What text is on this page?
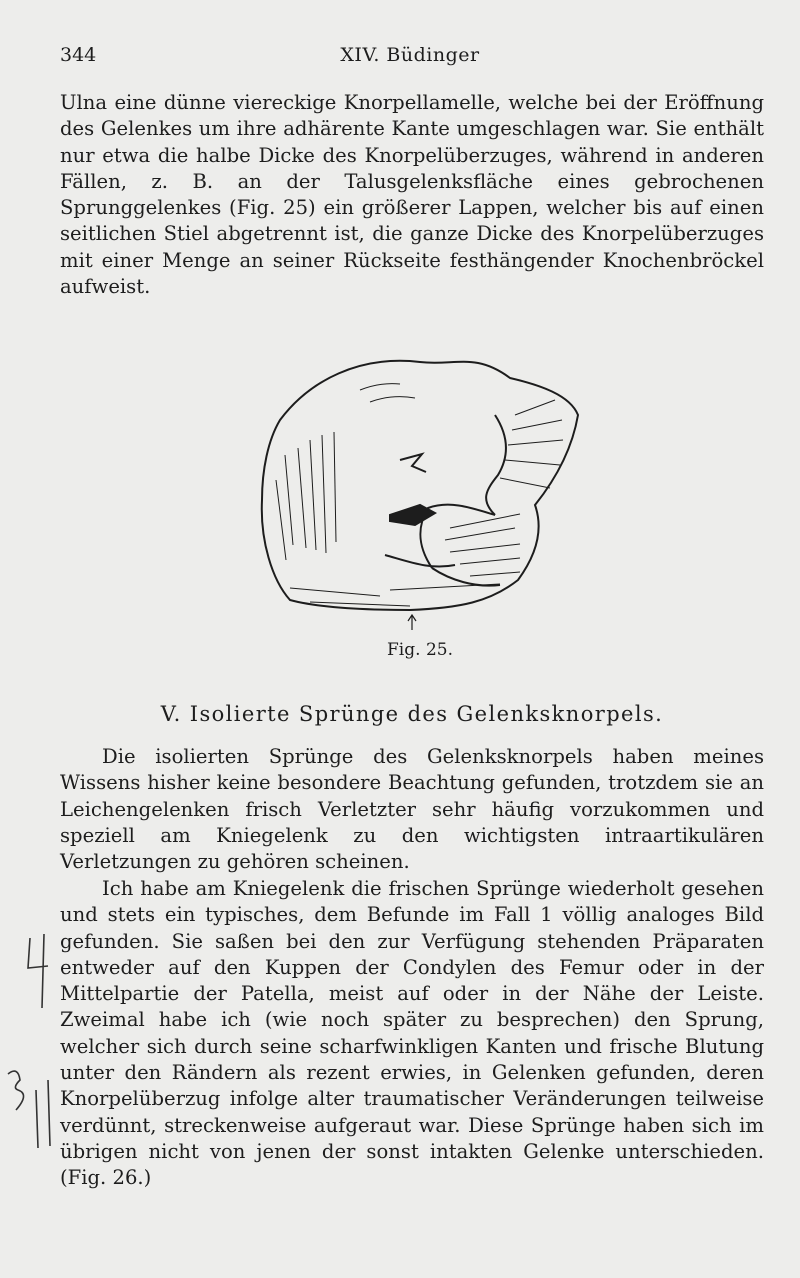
344	XIV. Büdinger
Ulna eine dünne viereckige Knorpellamelle, welche bei der Eröffnung des Gelenkes um ihre adhärente Kante umgeschlagen war. Sie enthält nur etwa die halbe Dicke des Knorpelüberzuges, während in anderen Fällen, z. B. an der Talusgelenksfläche eines gebrochenen Sprunggelenkes (Fig. 25) ein größerer Lappen, welcher bis auf einen seitlichen Stiel abgetrennt ist, die ganze Dicke des Knorpelüberzuges mit einer Menge an seiner Rückseite festhängender Knochenbröckel aufweist.
Fig. 25.
V. Isolierte Sprünge des Gelenksknorpels.
Die isolierten Sprünge des Gelenksknorpels haben meines Wissens hisher keine besondere Beachtung gefunden, trotzdem sie an Leichengelenken frisch Verletzter sehr häufig vorzukommen und speziell am Kniegelenk zu den wichtigsten intraartikulären Verletzungen zu gehören scheinen.
Ich habe am Kniegelenk die frischen Sprünge wiederholt gesehen und stets ein typisches, dem Befunde im Fall 1 völlig analoges Bild gefunden. Sie saßen bei den zur Verfügung stehenden Präparaten entweder auf den Kuppen der Condylen des Femur oder in der Mittelpartie der Patella, meist auf oder in der Nähe der Leiste. Zweimal habe ich (wie noch später zu besprechen) den Sprung, welcher sich durch seine scharfwinkligen Kanten und frische Blutung unter den Rändern als rezent erwies, in Gelenken gefunden, deren Knorpelüberzug infolge alter traumatischer Veränderungen teilweise verdünnt, streckenweise aufgeraut war. Diese Sprünge haben sich im übrigen nicht von jenen der sonst intakten Gelenke unterschieden. (Fig. 26.)
